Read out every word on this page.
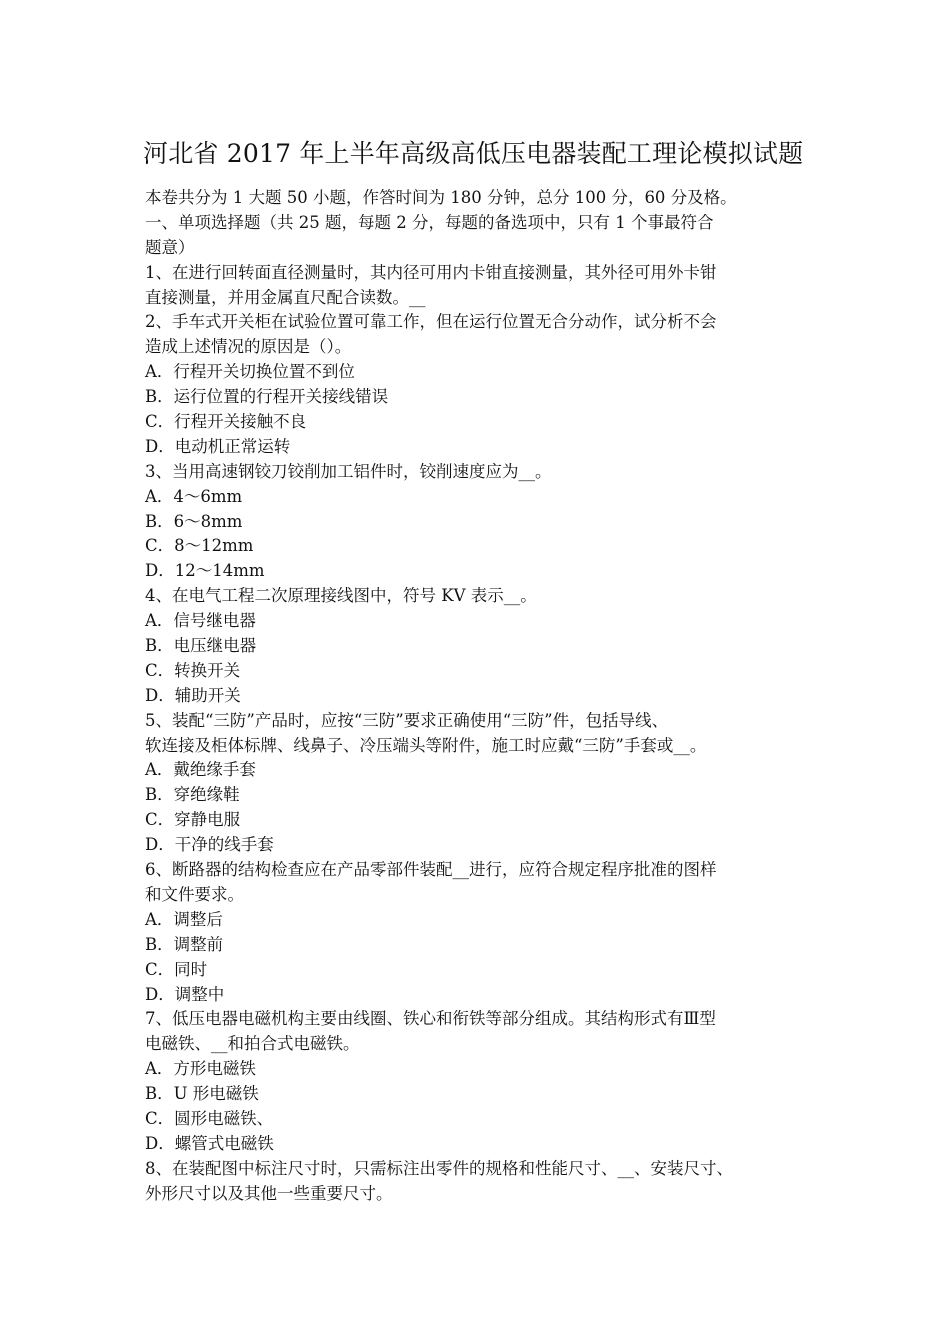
河北省 2017 年上半年高级高低压电器装配工理论模拟试题
本卷共分为 1 大题 50 小题，作答时间为 180 分钟，总分 100 分，60 分及格。
一、单项选择题（共 25 题，每题 2 分，每题的备选项中，只有 1 个事最符合
题意）
1、在进行回转面直径测量时，其内径可用内卡钳直接测量，其外径可用外卡钳
直接测量，并用金属直尺配合读数。__
2、手车式开关柜在试验位置可靠工作，但在运行位置无合分动作，试分析不会
造成上述情况的原因是（）。
A．行程开关切换位置不到位
B．运行位置的行程开关接线错误
C．行程开关接触不良
D．电动机正常运转
3、当用高速钢铰刀铰削加工铝件时，铰削速度应为__。
A．4～6mm
B．6～8mm
C．8～12mm
D．12～14mm
4、在电气工程二次原理接线图中，符号 KV 表示__。
A．信号继电器
B．电压继电器
C．转换开关
D．辅助开关
5、装配“三防”产品时，应按“三防”要求正确使用“三防”件，包括导线、
软连接及柜体标牌、线鼻子、冷压端头等附件，施工时应戴“三防”手套或__。
A．戴绝缘手套
B．穿绝缘鞋
C．穿静电服
D．干净的线手套
6、断路器的结构检查应在产品零部件装配__进行，应符合规定程序批准的图样
和文件要求。
A．调整后
B．调整前
C．同时
D．调整中
7、低压电器电磁机构主要由线圈、铁心和衔铁等部分组成。其结构形式有Ⅲ型
电磁铁、__和拍合式电磁铁。
A．方形电磁铁
B．U 形电磁铁
C．圆形电磁铁、
D．螺管式电磁铁
8、在装配图中标注尺寸时，只需标注出零件的规格和性能尺寸、__、安装尺寸、
外形尺寸以及其他一些重要尺寸。
